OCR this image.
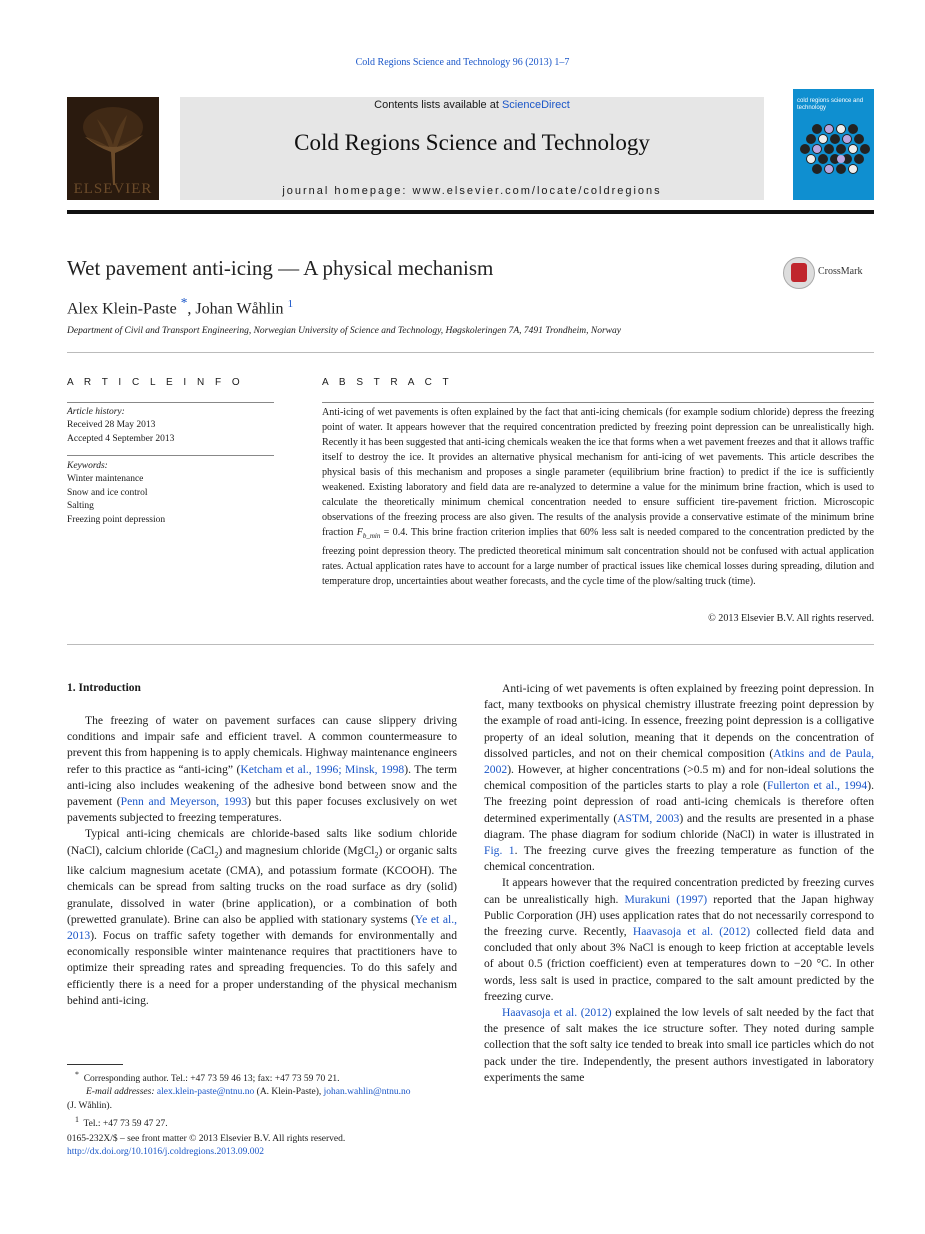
Cold Regions Science and Technology 96 (2013) 1–7
ELSEVIER
Contents lists available at ScienceDirect
Cold Regions Science and Technology
journal homepage: www.elsevier.com/locate/coldregions
cold regions science and technology
Wet pavement anti-icing — A physical mechanism	CrossMark
Alex Klein-Paste *, Johan Wåhlin $^1$
Department of Civil and Transport Engineering, Norwegian University of Science and Technology, Høgskoleringen 7A, 7491 Trondheim, Norway
A R T I C L E I N F O	A B S T R A C T
Article history:
Received 28 May 2013
Accepted 4 September 2013
Keywords:
Winter maintenance
Snow and ice control
Salting
Freezing point depression
Anti-icing of wet pavements is often explained by the fact that anti-icing chemicals (for example sodium chloride) depress the freezing point of water. It appears however that the required concentration predicted by freezing point depression can be unrealistically high. Recently it has been suggested that anti-icing chemicals weaken the ice that forms when a wet pavement freezes and that it allows traffic itself to destroy the ice. It provides an alternative physical mechanism for anti-icing of wet pavements. This article describes the physical basis of this mechanism and proposes a single parameter (equilibrium brine fraction) to predict if the ice is sufficiently weakened. Existing laboratory and field data are re-analyzed to determine a value for the minimum brine fraction, which is used to calculate the theoretically minimum chemical concentration needed to ensure sufficient tire-pavement friction. Microscopic observations of the freezing process are also given. The results of the analysis provide a conservative estimate of the minimum brine fraction $F_{b\_min} = 0.4$. This brine fraction criterion implies that 60% less salt is needed compared to the concentration predicted by the freezing point depression theory. The predicted theoretical minimum salt concentration should not be confused with actual application rates. Actual application rates have to account for a large number of practical issues like chemical losses during spreading, dilution and temperature drop, uncertainties about weather forecasts, and the cycle time of the plow/salting truck (time).
© 2013 Elsevier B.V. All rights reserved.
1. Introduction

The freezing of water on pavement surfaces can cause slippery driving conditions and impair safe and efficient travel. A common countermeasure to prevent this from happening is to apply chemicals. Highway maintenance engineers refer to this practice as “anti-icing” (Ketcham et al., 1996; Minsk, 1998). The term anti-icing also includes weakening of the adhesive bond between snow and the pavement (Penn and Meyerson, 1993) but this paper focuses exclusively on wet pavements subjected to freezing temperatures.

Typical anti-icing chemicals are chloride-based salts like sodium chloride (NaCl), calcium chloride (CaCl$_2$) and magnesium chloride (MgCl$_2$) or organic salts like calcium magnesium acetate (CMA), and potassium formate (KCOOH). The chemicals can be spread from salting trucks on the road surface as dry (solid) granulate, dissolved in water (brine application), or a combination of both (prewetted granulate). Brine can also be applied with stationary systems (Ye et al., 2013). Focus on traffic safety together with demands for environmentally and economically responsible winter maintenance requires that practitioners have to optimize their spreading rates and spreading frequencies. To do this safely and efficiently there is a need for a proper understanding of the physical mechanism behind anti-icing.

Anti-icing of wet pavements is often explained by freezing point depression. In fact, many textbooks on physical chemistry illustrate freezing point depression by the example of road anti-icing. In essence, freezing point depression is a colligative property of an ideal solution, meaning that it depends on the concentration of dissolved particles, and not on their chemical composition (Atkins and de Paula, 2002). However, at higher concentrations (>0.5 m) and for non-ideal solutions the chemical composition of the particles starts to play a role (Fullerton et al., 1994). The freezing point depression of road anti-icing chemicals is therefore often determined experimentally (ASTM, 2003) and the results are presented in a phase diagram. The phase diagram for sodium chloride (NaCl) in water is illustrated in Fig. 1. The freezing curve gives the freezing temperature as function of the chemical concentration.

It appears however that the required concentration predicted by freezing curves can be unrealistically high. Murakuni (1997) reported that the Japan highway Public Corporation (JH) uses application rates that do not necessarily correspond to the freezing curve. Recently, Haavasoja et al. (2012) collected field data and concluded that only about 3% NaCl is enough to keep friction at acceptable levels of about 0.5 (friction coefficient) even at temperatures down to −20 °C. In other words, less salt is used in practice, compared to the salt amount predicted by the freezing curve.

Haavasoja et al. (2012) explained the low levels of salt needed by the fact that the presence of salt makes the ice structure softer. They noted during sample collection that the soft salty ice tended to break into small ice particles which do not pack under the tire. Independently, the present authors investigated in laboratory experiments the same

* Corresponding author. Tel.: +47 73 59 46 13; fax: +47 73 59 70 21.
E-mail addresses: alex.klein-paste@ntnu.no (A. Klein-Paste), johan.wahlin@ntnu.no
(J. Wåhlin).
$^1$ Tel.: +47 73 59 47 27.
0165-232X/$ – see front matter © 2013 Elsevier B.V. All rights reserved.
http://dx.doi.org/10.1016/j.coldregions.2013.09.002
